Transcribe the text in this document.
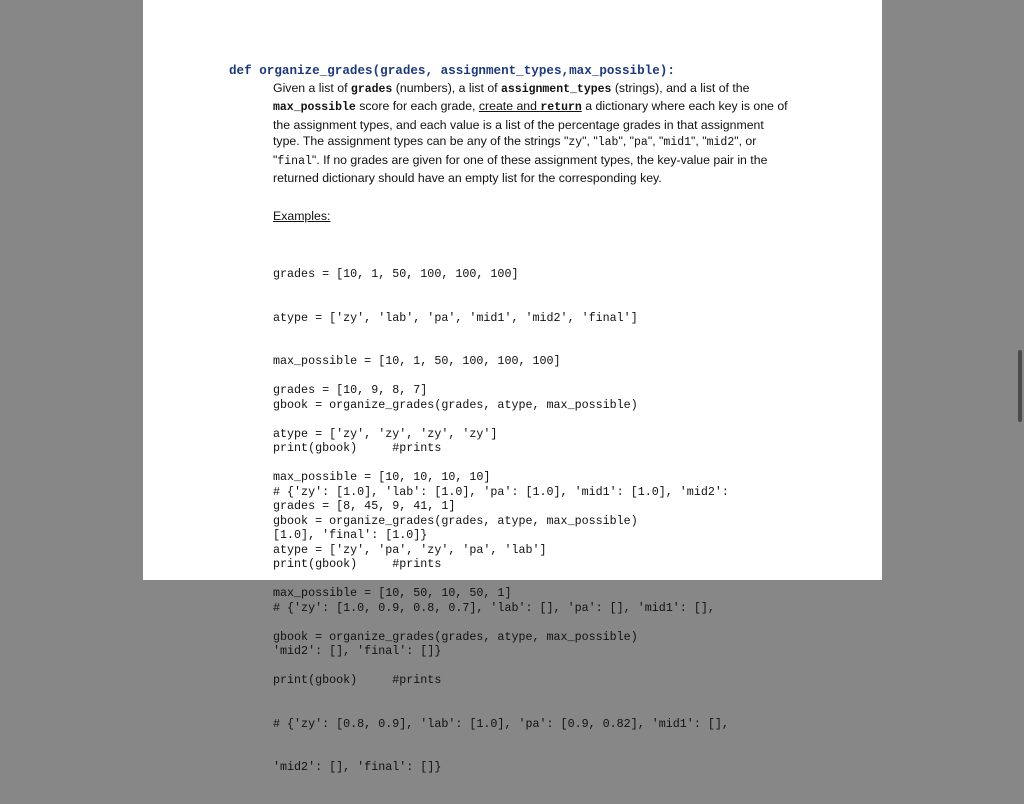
def organize_grades(grades, assignment_types,max_possible):
Given a list of grades (numbers), a list of assignment_types (strings), and a list of the max_possible score for each grade, create and return a dictionary where each key is one of the assignment types, and each value is a list of the percentage grades in that assignment type. The assignment types can be any of the strings "zy", "lab", "pa", "mid1", "mid2", or "final". If no grades are given for one of these assignment types, the key-value pair in the returned dictionary should have an empty list for the corresponding key.
Examples:

grades = [10, 1, 50, 100, 100, 100]

atype = ['zy', 'lab', 'pa', 'mid1', 'mid2', 'final']

max_possible = [10, 1, 50, 100, 100, 100]

gbook = organize_grades(grades, atype, max_possible)

print(gbook)     #prints

# {'zy': [1.0], 'lab': [1.0], 'pa': [1.0], 'mid1': [1.0], 'mid2':

[1.0], 'final': [1.0]}

grades = [10, 9, 8, 7]

atype = ['zy', 'zy', 'zy', 'zy']

max_possible = [10, 10, 10, 10]

gbook = organize_grades(grades, atype, max_possible)

print(gbook)     #prints

# {'zy': [1.0, 0.9, 0.8, 0.7], 'lab': [], 'pa': [], 'mid1': [],

'mid2': [], 'final': []}

grades = [8, 45, 9, 41, 1]

atype = ['zy', 'pa', 'zy', 'pa', 'lab']

max_possible = [10, 50, 10, 50, 1]

gbook = organize_grades(grades, atype, max_possible)

print(gbook)     #prints

# {'zy': [0.8, 0.9], 'lab': [1.0], 'pa': [0.9, 0.82], 'mid1': [],

'mid2': [], 'final': []}
